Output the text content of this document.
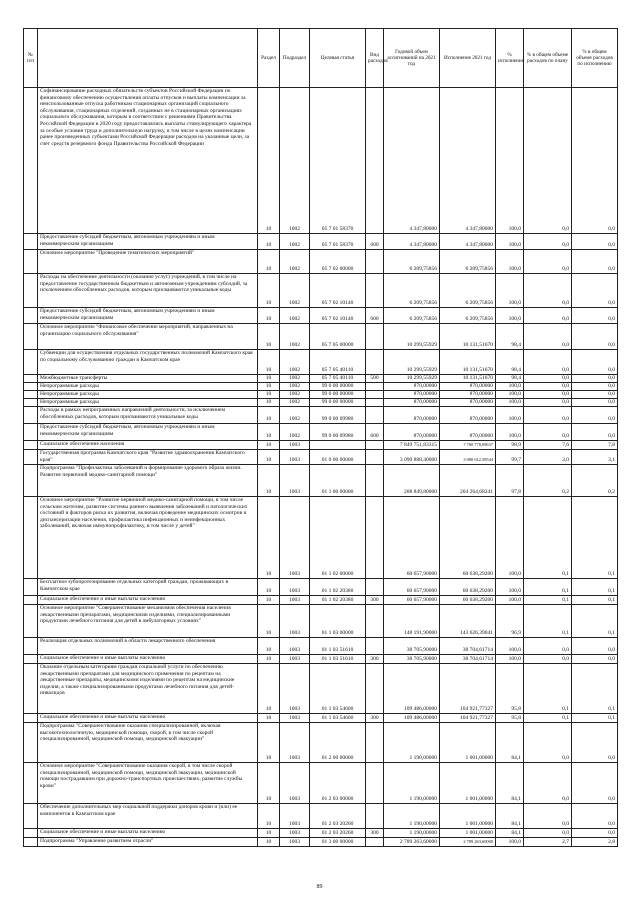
№ п/п		Раздел	Подраздел	Целевая статья	Вид расходов	Годовой объем ассигнований на 2021 год	Исполнение 2021 год	% исполнения	% в общем объеме расходов по плану	% в общем объеме расходов по исполнению
	Софинансирование расходных обязательств субъектов Российской Федерации по финансовому обеспечению осуществления оплаты отпусков и выплаты компенсации за неиспользованные отпуска работникам стационарных организаций социального обслуживания, стационарных отделений, созданных не в стационарных организациях социального обслуживания, которым в соответствии с решениями Правительства Российской Федерации в 2020 году предоставлялись выплаты стимулирующего характера за особые условия труда и дополнительную нагрузку, в том числе в целях компенсации ранее произведенных субъектами Российской Федерации расходов на указанные цели, за счет средств резервного фонда Правительства Российской Федерации	10	1002	05 7 01 58370		4 347,80000	4 347,80000	100,0	0,0	0,0
	Предоставление субсидий бюджетным, автономным учреждениям и иным некоммерческим организациям	10	1002	05 7 01 58370	600	4 347,80000	4 347,80000	100,0	0,0	0,0
	Основное мероприятие "Проведение тематических мероприятий"	10	1002	05 7 02 00000		6 209,75856	6 209,75856	100,0	0,0	0,0
	Расходы на обеспечение деятельности (оказание услуг) учреждений, в том числе на предоставление государственным бюджетным и автономным учреждениям субсидий, за исключением обособленных расходов, которым присваиваются уникальные коды	10	1002	05 7 02 10140		6 209,75856	6 209,75856	100,0	0,0	0,0
	Предоставление субсидий бюджетным, автономным учреждениям и иным некоммерческим организациям	10	1002	05 7 02 10140	600	6 209,75856	6 209,75856	100,0	0,0	0,0
	Основное мероприятие "Финансовое обеспечение мероприятий, направленных на организацию социального обслуживания"	10	1002	05 7 05 00000		10 299,55929	10 131,51670	98,4	0,0	0,0
	Субвенции для осуществления отдельных государственных полномочий Камчатского края по социальному обслуживанию граждан в Камчатском крае	10	1002	05 7 05 40110		10 299,55929	10 131,51670	98,4	0,0	0,0
	Межбюджетные трансферты	10	1002	05 7 05 40110	500	10 299,55929	10 131,51670	98,4	0,0	0,0
	Непрограммные расходы	10	1002	99 0 00 00000		870,00000	870,00000	100,0	0,0	0,0
	Непрограммные расходы	10	1002	99 0 00 00000		870,00000	870,00000	100,0	0,0	0,0
	Непрограммные расходы	10	1002	99 0 00 00000		870,00000	870,00000	100,0	0,0	0,0
	Расходы в рамках непрограммных направлений деятельности, за исключением обособленных расходов, которым присваиваются уникальные коды	10	1002	99 0 00 09980		870,00000	870,00000	100,0	0,0	0,0
	Предоставление субсидий бюджетным, автономным учреждениям и иным некоммерческим организациям	10	1002	99 0 00 09980	600	870,00000	870,00000	100,0	0,0	0,0
	Социальное обеспечение населения	10	1003			7 849 751,83315	7 760 778,09637	98,9	7,6	7,8
	Государственная программа Камчатского края "Развитие здравоохранения Камчатского края"	10	1003	01 0 00 00000		3 090 888,40000	3 080 612,58544	99,7	3,0	3,1
	Подпрограмма "Профилактика заболеваний и формирование здорового образа жизни. Развитие первичной медико-санитарной помощи"	10	1003	01 1 00 00000		208 849,80000	204 264,68241	97,8	0,2	0,2
	Основное мероприятие "Развитие первичной медико-санитарной помощи, в том числе сельским жителям, развитие системы раннего выявления заболеваний и патологических состояний и факторов риска их развития, включая проведение медицинских осмотров и диспансеризации населения, профилактика инфекционных и неинфекционных заболеваний, включая иммунопрофилактику, в том числе у детей"	10	1003	01 1 02 00000		60 657,90000	60 638,29200	100,0	0,1	0,1
	Бесплатное зубопротезирование отдельных категорий граждан, проживающих в Камчатском крае	10	1003	01 1 02 20380		60 657,90000	60 638,29200	100,0	0,1	0,1
	Социальное обеспечение и иные выплаты населению	10	1003	01 1 02 20380	300	60 657,90000	60 638,29200	100,0	0,1	0,1
	Основное мероприятие "Совершенствование механизмов обеспечения населения лекарственными препаратами, медицинскими изделиями, специализированными продуктами лечебного питания для детей в амбулаторных условиях"	10	1003	01 1 03 00000		148 191,90000	143 626,39041	96,9	0,1	0,1
	Реализация отдельных полномочий в области лекарственного обеспечения	10	1003	01 1 03 51610		38 705,90000	38 704,61714	100,0	0,0	0,0
	Социальное обеспечение и иные выплаты населению	10	1003	01 1 03 51610	300	38 705,90000	38 704,61714	100,0	0,0	0,0
	Оказание отдельным категориям граждан социальной услуги по обеспечению лекарственными препаратами для медицинского применения по рецептам на лекарственные препараты, медицинскими изделиями по рецептам на медицинские изделия, а также специализированными продуктами лечебного питания для детей-инвалидов	10	1003	01 1 03 54600		109 486,00000	104 921,77327	95,8	0,1	0,1
	Социальное обеспечение и иные выплаты населению	10	1003	01 1 03 54600	300	109 486,00000	104 921,77327	95,8	0,1	0,1
	Подпрограмма "Совершенствование оказания специализированной, включая высокотехнологичную, медицинской помощи, скорой, в том числе скорой специализированной, медицинской помощи, медицинской эвакуации"	10	1003	01 2 00 00000		1 190,00000	1 001,00000	84,1	0,0	0,0
	Основное мероприятие "Совершенствование оказания скорой, в том числе скорой специализированной, медицинской помощи, медицинской эвакуации, медицинской помощи пострадавшим при дорожно-транспортных происшествиях, развитие службы крови"	10	1003	01 2 03 00000		1 190,00000	1 001,00000	84,1	0,0	0,0
	Обеспечение дополнительных мер социальной поддержки доноров крови и (или) ее компонентов в Камчатском крае	10	1003	01 2 03 20260		1 190,00000	1 001,00000	84,1	0,0	0,0
	Социальное обеспечение и иные выплаты населению	10	1003	01 2 03 20260	300	1 190,00000	1 001,00000	84,1	0,0	0,0
	Подпрограмма "Управление развитием отрасли"	10	1003	01 3 00 00000		2 789 263,60000	2 789 263,60000	100,0	2,7	2,8
89
